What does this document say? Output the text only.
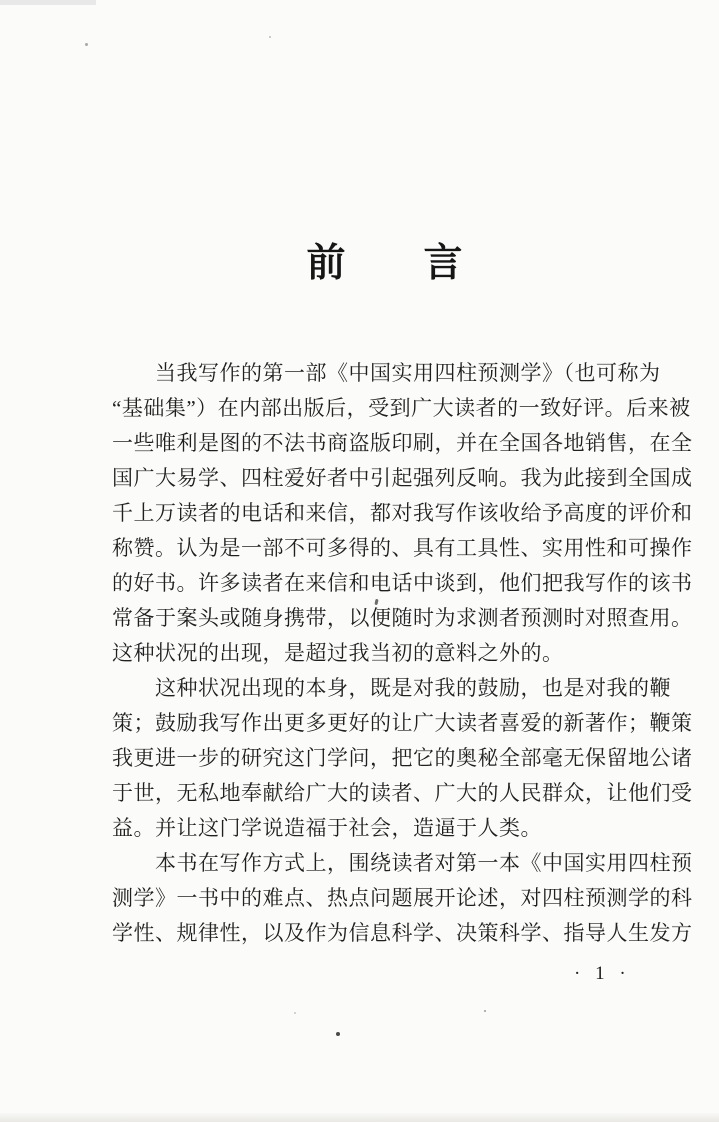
前　　言
当我写作的第一部《中国实用四柱预测学》（也可称为
“基础集”）在内部出版后，受到广大读者的一致好评。后来被
一些唯利是图的不法书商盗版印刷，并在全国各地销售，在全
国广大易学、四柱爱好者中引起强列反响。我为此接到全国成
千上万读者的电话和来信，都对我写作该收给予高度的评价和
称赞。认为是一部不可多得的、具有工具性、实用性和可操作
的好书。许多读者在来信和电话中谈到，他们把我写作的该书
常备于案头或随身携带，以便随时为求测者预测时对照查用。
这种状况的出现，是超过我当初的意料之外的。
这种状况出现的本身，既是对我的鼓励，也是对我的鞭
策；鼓励我写作出更多更好的让广大读者喜爱的新著作；鞭策
我更进一步的研究这门学问，把它的奥秘全部毫无保留地公诸
于世，无私地奉献给广大的读者、广大的人民群众，让他们受
益。并让这门学说造福于社会，造逼于人类。
本书在写作方式上，围绕读者对第一本《中国实用四柱预
测学》一书中的难点、热点问题展开论述，对四柱预测学的科
学性、规律性，以及作为信息科学、决策科学、指导人生发方
· 1 ·
